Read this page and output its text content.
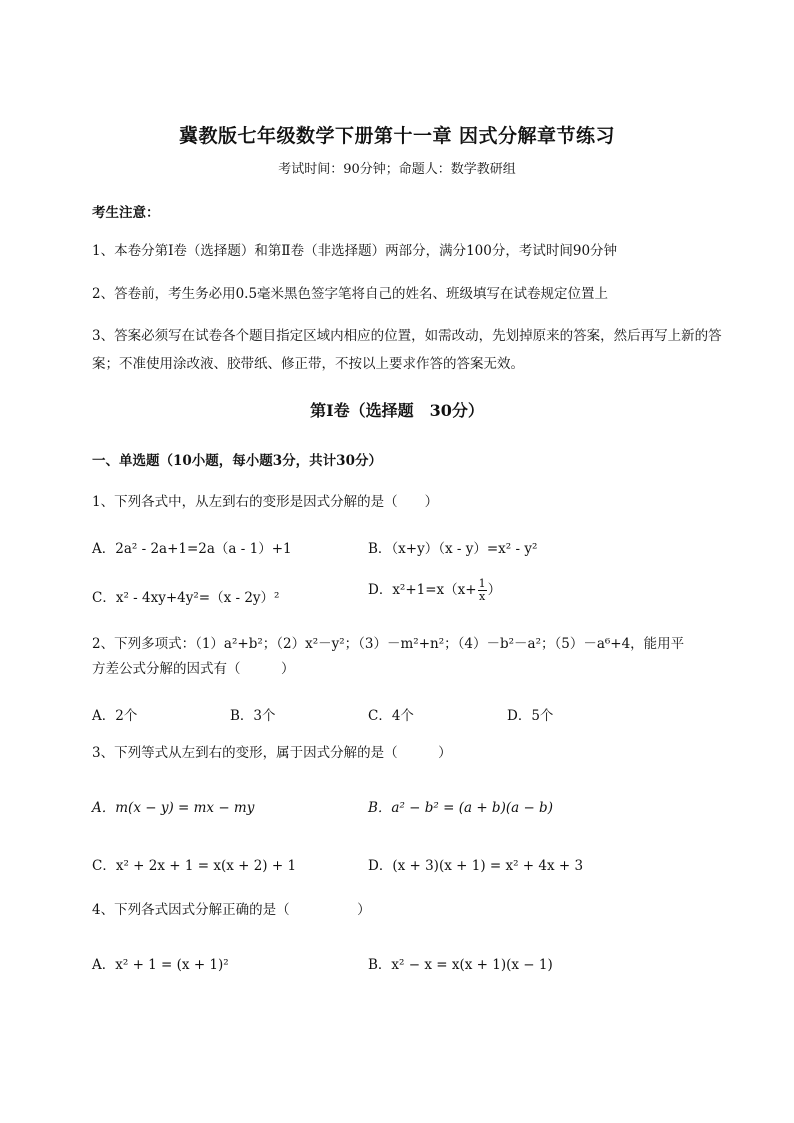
冀教版七年级数学下册第十一章 因式分解章节练习
考试时间：90分钟；命题人：数学教研组
考生注意：
1、本卷分第I卷（选择题）和第Ⅱ卷（非选择题）两部分，满分100分，考试时间90分钟
2、答卷前，考生务必用0.5毫米黑色签字笔将自己的姓名、班级填写在试卷规定位置上
3、答案必须写在试卷各个题目指定区域内相应的位置，如需改动，先划掉原来的答案，然后再写上新的答案；不准使用涂改液、胶带纸、修正带，不按以上要求作答的答案无效。
第I卷（选择题　30分）
一、单选题（10小题，每小题3分，共计30分）
1、下列各式中，从左到右的变形是因式分解的是（　　）
A．2a² - 2a+1=2a（a - 1）+1	B．（x+y）（x - y）=x² - y²
C．x² - 4xy+4y²=（x - 2y）²	D．$x^2+1=x(x+ \frac{1}{x}$ ）
2、下列多项式：（1）a²+b²；（2）x²－y²；（3）－m²+n²；（4）－b²－a²；（5）－a⁶+4，能用平
方差公式分解的因式有（　　　）
A．2个	B．3个	C．4个	D．5个
3、下列等式从左到右的变形，属于因式分解的是（　　　）
A．m(x − y) = mx − my	B．a² − b² = (a + b)(a − b)
C．x² + 2x + 1 = x(x + 2) + 1	D．(x + 3)(x + 1) = x² + 4x + 3
4、下列各式因式分解正确的是（　　　　　）
A．x² + 1 = (x + 1)²	B．x² − x = x(x + 1)(x − 1)
